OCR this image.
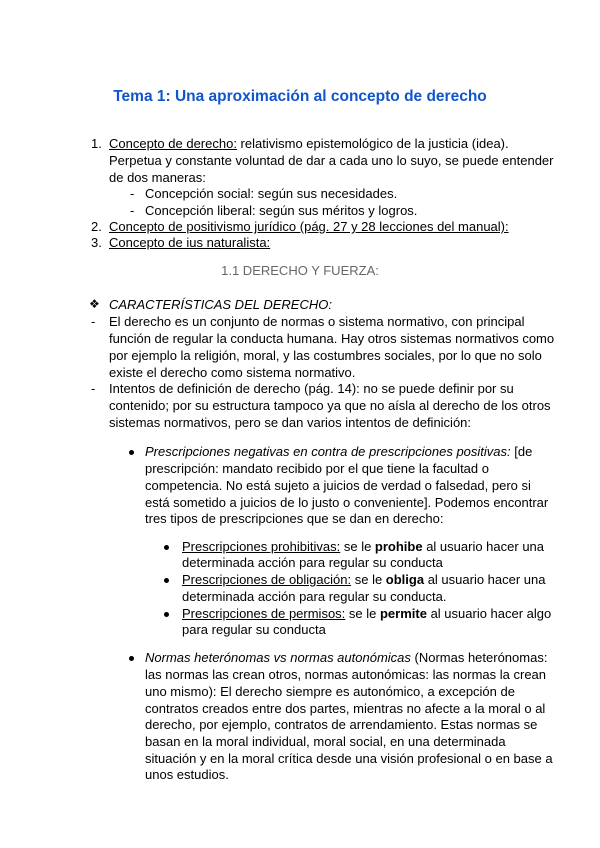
Tema 1: Una aproximación al concepto de derecho
1. Concepto de derecho: relativismo epistemológico de la justicia (idea).
Perpetua y constante voluntad de dar a cada uno lo suyo, se puede entender
de dos maneras:
- Concepción social: según sus necesidades.
- Concepción liberal: según sus méritos y logros.
2. Concepto de positivismo jurídico (pág. 27 y 28 lecciones del manual):
3. Concepto de ius naturalista:
1.1 DERECHO Y FUERZA:
❖ CARACTERÍSTICAS DEL DERECHO:
- El derecho es un conjunto de normas o sistema normativo, con principal
función de regular la conducta humana. Hay otros sistemas normativos como
por ejemplo la religión, moral, y las costumbres sociales, por lo que no solo
existe el derecho como sistema normativo.
- Intentos de definición de derecho (pág. 14): no se puede definir por su
contenido; por su estructura tampoco ya que no aísla al derecho de los otros
sistemas normativos, pero se dan varios intentos de definición:
Prescripciones negativas en contra de prescripciones positivas: [de
prescripción: mandato recibido por el que tiene la facultad o
competencia. No está sujeto a juicios de verdad o falsedad, pero si
está sometido a juicios de lo justo o conveniente]. Podemos encontrar
tres tipos de prescripciones que se dan en derecho:
Prescripciones prohibitivas: se le prohibe al usuario hacer una
determinada acción para regular su conducta
Prescripciones de obligación: se le obliga al usuario hacer una
determinada acción para regular su conducta.
Prescripciones de permisos: se le permite al usuario hacer algo
para regular su conducta
Normas heterónomas vs normas autonómicas (Normas heterónomas:
las normas las crean otros, normas autonómicas: las normas la crean
uno mismo): El derecho siempre es autonómico, a excepción de
contratos creados entre dos partes, mientras no afecte a la moral o al
derecho, por ejemplo, contratos de arrendamiento. Estas normas se
basan en la moral individual, moral social, en una determinada
situación y en la moral crítica desde una visión profesional o en base a
unos estudios.
